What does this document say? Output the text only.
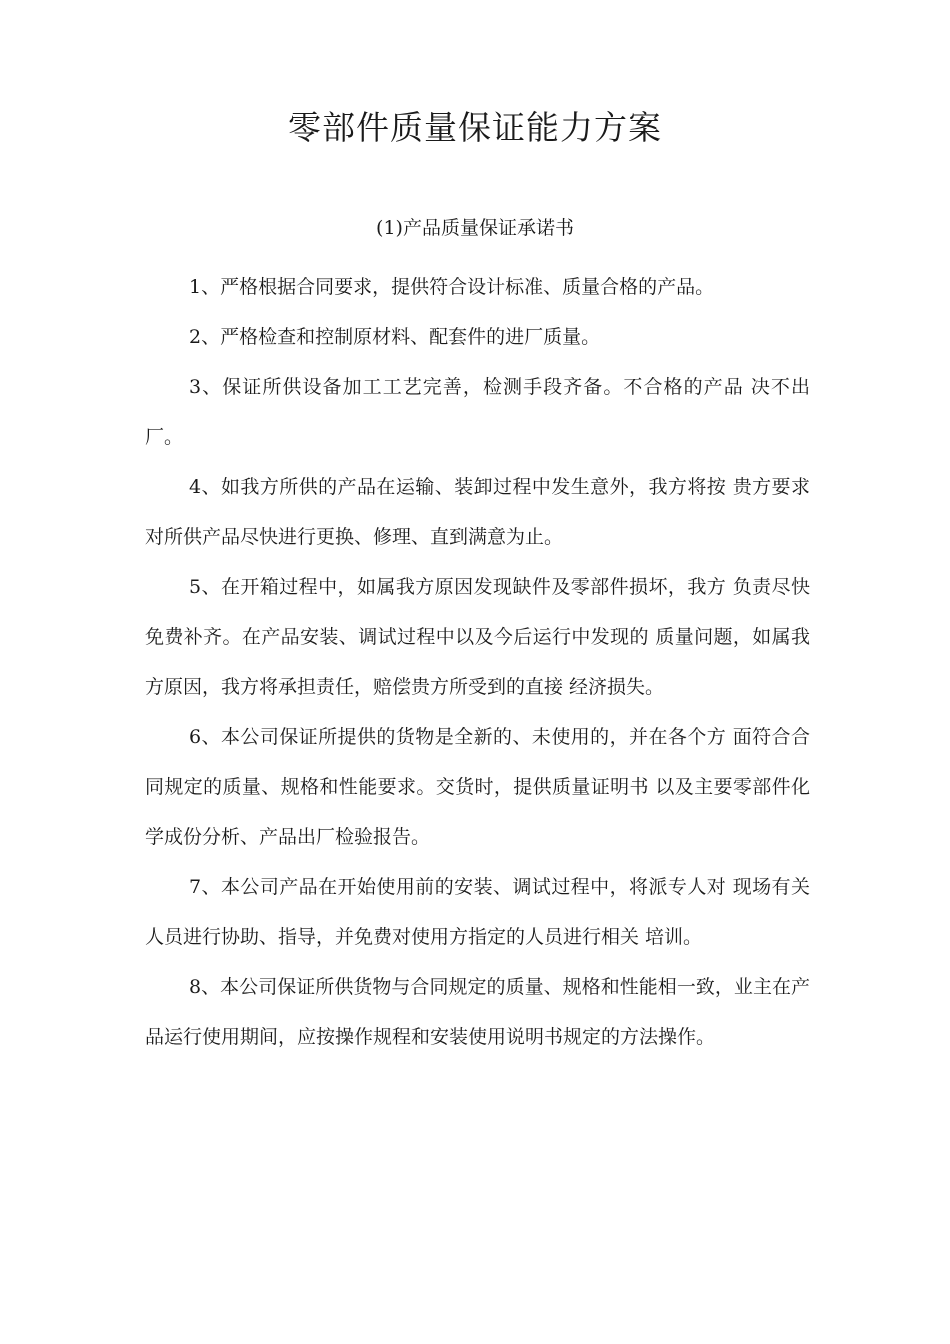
零部件质量保证能力方案
(1)产品质量保证承诺书

1、严格根据合同要求，提供符合设计标准、质量合格的产品。

2、严格检查和控制原材料、配套件的进厂质量。

3、保证所供设备加工工艺完善，检测手段齐备。不合格的产品 决不出厂。

4、如我方所供的产品在运输、装卸过程中发生意外，我方将按 贵方要求对所供产品尽快进行更换、修理、直到满意为止。

5、在开箱过程中，如属我方原因发现缺件及零部件损坏，我方 负责尽快免费补齐。在产品安装、调试过程中以及今后运行中发现的 质量问题，如属我方原因，我方将承担责任，赔偿贵方所受到的直接 经济损失。

6、本公司保证所提供的货物是全新的、未使用的，并在各个方 面符合合同规定的质量、规格和性能要求。交货时，提供质量证明书 以及主要零部件化学成份分析、产品出厂检验报告。

7、本公司产品在开始使用前的安装、调试过程中，将派专人对 现场有关人员进行协助、指导，并免费对使用方指定的人员进行相关 培训。

8、本公司保证所供货物与合同规定的质量、规格和性能相一致，业主在产品运行使用期间，应按操作规程和安装使用说明书规定的方法操作。
